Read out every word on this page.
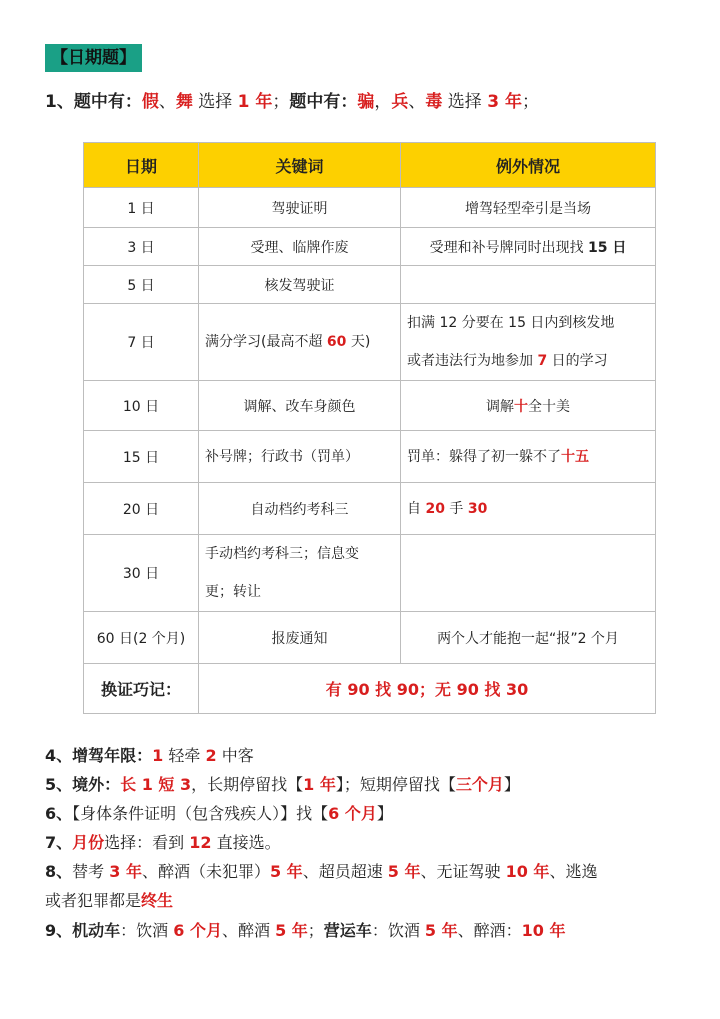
【日期题】
1、题中有：假、舞 选择 1 年；题中有：骗，兵、毒 选择 3 年；
日期	关键词	例外情况
1 日	驾驶证明	增驾轻型牵引是当场
3 日	受理、临牌作废	受理和补号牌同时出现找 15 日
5 日	核发驾驶证	
7 日	满分学习(最高不超 60 天)	扣满 12 分要在 15 日内到核发地
或者违法行为地参加 7 日的学习

10 日	调解、改车身颜色	调解十全十美
15 日	补号牌；行政书（罚单）	罚单：躲得了初一躲不了十五
20 日	自动档约考科三	自 20 手 30
30 日	手动档约考科三；信息变
更；转让	

60 日(2 个月)	报废通知	两个人才能抱一起“报”2 个月
换证巧记：	有 90 找 90；无 90 找 30	
4、增驾年限：1 轻牵 2 中客
5、境外：长 1 短 3，长期停留找【1 年】；短期停留找【三个月】
6、【身体条件证明（包含残疾人）】找【6 个月】
7、月份选择：看到 12 直接选。
8、替考 3 年、醉酒（未犯罪）5 年、超员超速 5 年、无证驾驶 10 年、逃逸
或者犯罪都是终生
9、机动车：饮酒 6 个月、醉酒 5 年；营运车：饮酒 5 年、醉酒：10 年
